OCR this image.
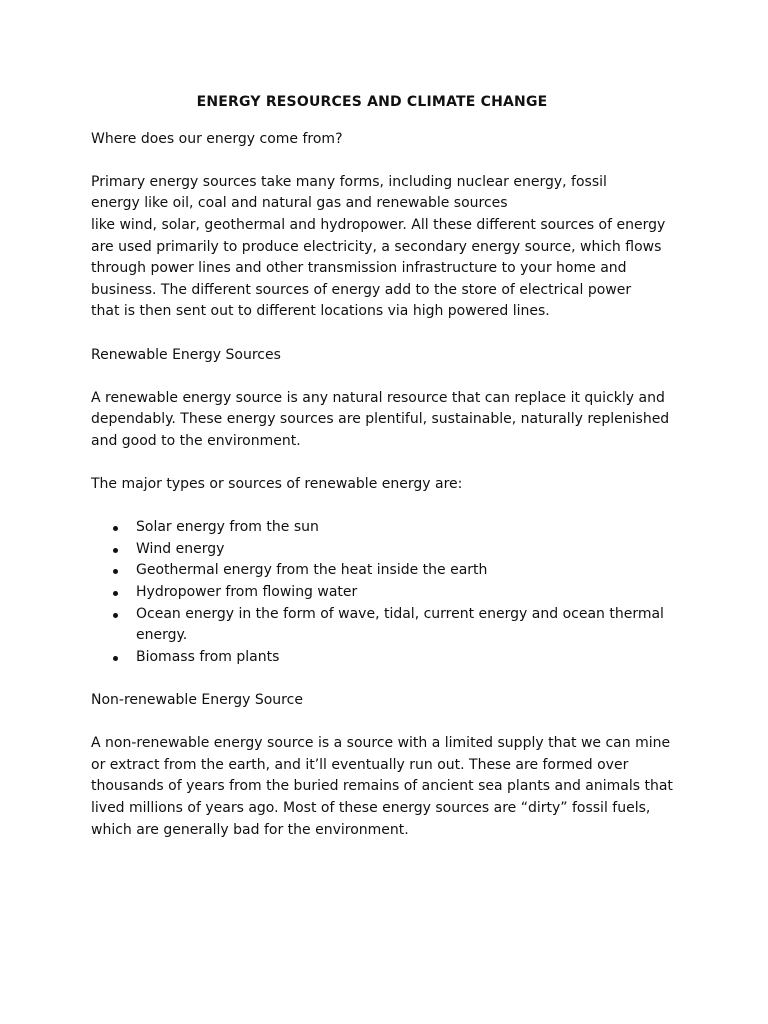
ENERGY RESOURCES AND CLIMATE CHANGE

Where does our energy come from?

Primary energy sources take many forms, including nuclear energy, fossil
energy like oil, coal and natural gas and renewable sources
like wind, solar, geothermal and hydropower. All these different sources of energy
are used primarily to produce electricity, a secondary energy source, which flows
through power lines and other transmission infrastructure to your home and
business. The different sources of energy add to the store of electrical power
that is then sent out to different locations via high powered lines.

Renewable Energy Sources

A renewable energy source is any natural resource that can replace it quickly and
dependably. These energy sources are plentiful, sustainable, naturally replenished
and good to the environment.

The major types or sources of renewable energy are:

Solar energy from the sun
Wind energy
Geothermal energy from the heat inside the earth
Hydropower from flowing water
Ocean energy in the form of wave, tidal, current energy and ocean thermal
energy.
Biomass from plants

Non-renewable Energy Source

A non-renewable energy source is a source with a limited supply that we can mine
or extract from the earth, and it’ll eventually run out. These are formed over
thousands of years from the buried remains of ancient sea plants and animals that
lived millions of years ago. Most of these energy sources are “dirty” fossil fuels,
which are generally bad for the environment.
